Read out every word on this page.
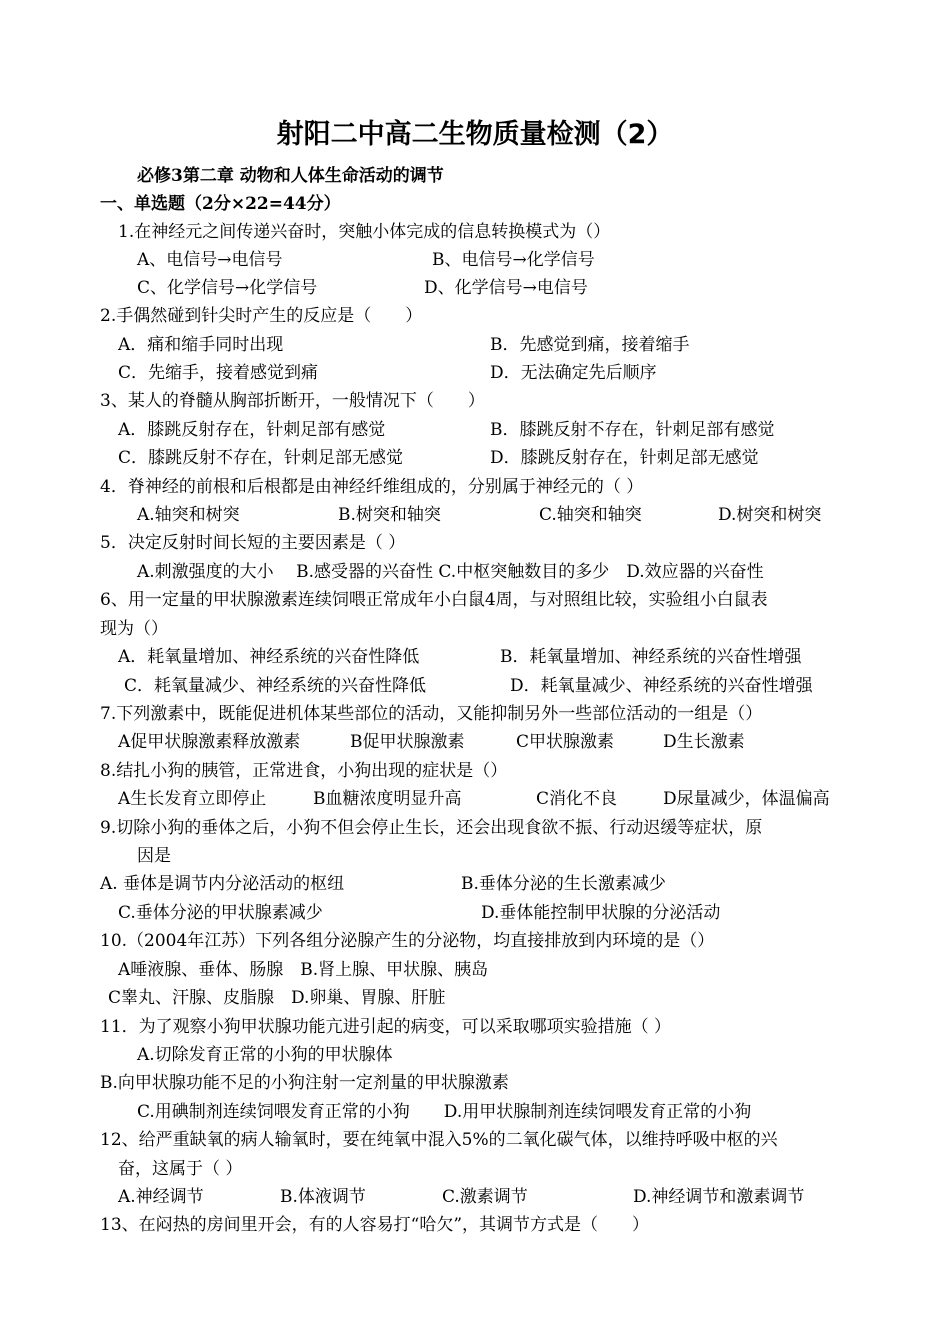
射阳二中高二生物质量检测（2）
必修3第二章 动物和人体生命活动的调节
一、单选题（2分×22=44分）
1.在神经元之间传递兴奋时，突触小体完成的信息转换模式为（）
A、电信号→电信号	B、电信号→化学信号
C、化学信号→化学信号	D、化学信号→电信号
2.手偶然碰到针尖时产生的反应是（　　）
A．痛和缩手同时出现	B．先感觉到痛，接着缩手
C．先缩手，接着感觉到痛	D．无法确定先后顺序
3、某人的脊髓从胸部折断开，一般情况下（　　）
A．膝跳反射存在，针刺足部有感觉	B．膝跳反射不存在，针刺足部有感觉
C．膝跳反射不存在，针刺足部无感觉	D．膝跳反射存在，针刺足部无感觉
4．脊神经的前根和后根都是由神经纤维组成的，分别属于神经元的（ ）
A.轴突和树突	B.树突和轴突	C.轴突和轴突	D.树突和树突
5．决定反射时间长短的主要因素是（ ）
A.刺激强度的大小　 B.感受器的兴奋性 C.中枢突触数目的多少　D.效应器的兴奋性
6、用一定量的甲状腺激素连续饲喂正常成年小白鼠4周，与对照组比较，实验组小白鼠表
现为（）
A．耗氧量增加、神经系统的兴奋性降低	B．耗氧量增加、神经系统的兴奋性增强
C．耗氧量减少、神经系统的兴奋性降低	D．耗氧量减少、神经系统的兴奋性增强
7.下列激素中，既能促进机体某些部位的活动，又能抑制另外一些部位活动的一组是（）
A促甲状腺激素释放激素	B促甲状腺激素	C甲状腺激素	D生长激素
8.结扎小狗的胰管，正常进食，小狗出现的症状是（）
A生长发育立即停止	B血糖浓度明显升高	C消化不良	D尿量减少，体温偏高
9.切除小狗的垂体之后，小狗不但会停止生长，还会出现食欲不振、行动迟缓等症状，原
因是
A. 垂体是调节内分泌活动的枢纽	B.垂体分泌的生长激素减少
C.垂体分泌的甲状腺素减少	D.垂体能控制甲状腺的分泌活动
10.（2004年江苏）下列各组分泌腺产生的分泌物，均直接排放到内环境的是（）
A唾液腺、垂体、肠腺　B.肾上腺、甲状腺、胰岛
C睾丸、汗腺、皮脂腺　D.卵巢、胃腺、肝脏
11．为了观察小狗甲状腺功能亢进引起的病变，可以采取哪项实验措施（ ）
A.切除发育正常的小狗的甲状腺体
B.向甲状腺功能不足的小狗注射一定剂量的甲状腺激素
C.用碘制剂连续饲喂发育正常的小狗　　D.用甲状腺制剂连续饲喂发育正常的小狗
12、给严重缺氧的病人输氧时，要在纯氧中混入5%的二氧化碳气体，以维持呼吸中枢的兴
奋，这属于（ ）
A.神经调节	B.体液调节	C.激素调节	D.神经调节和激素调节
13、在闷热的房间里开会，有的人容易打“哈欠”，其调节方式是（　　）
